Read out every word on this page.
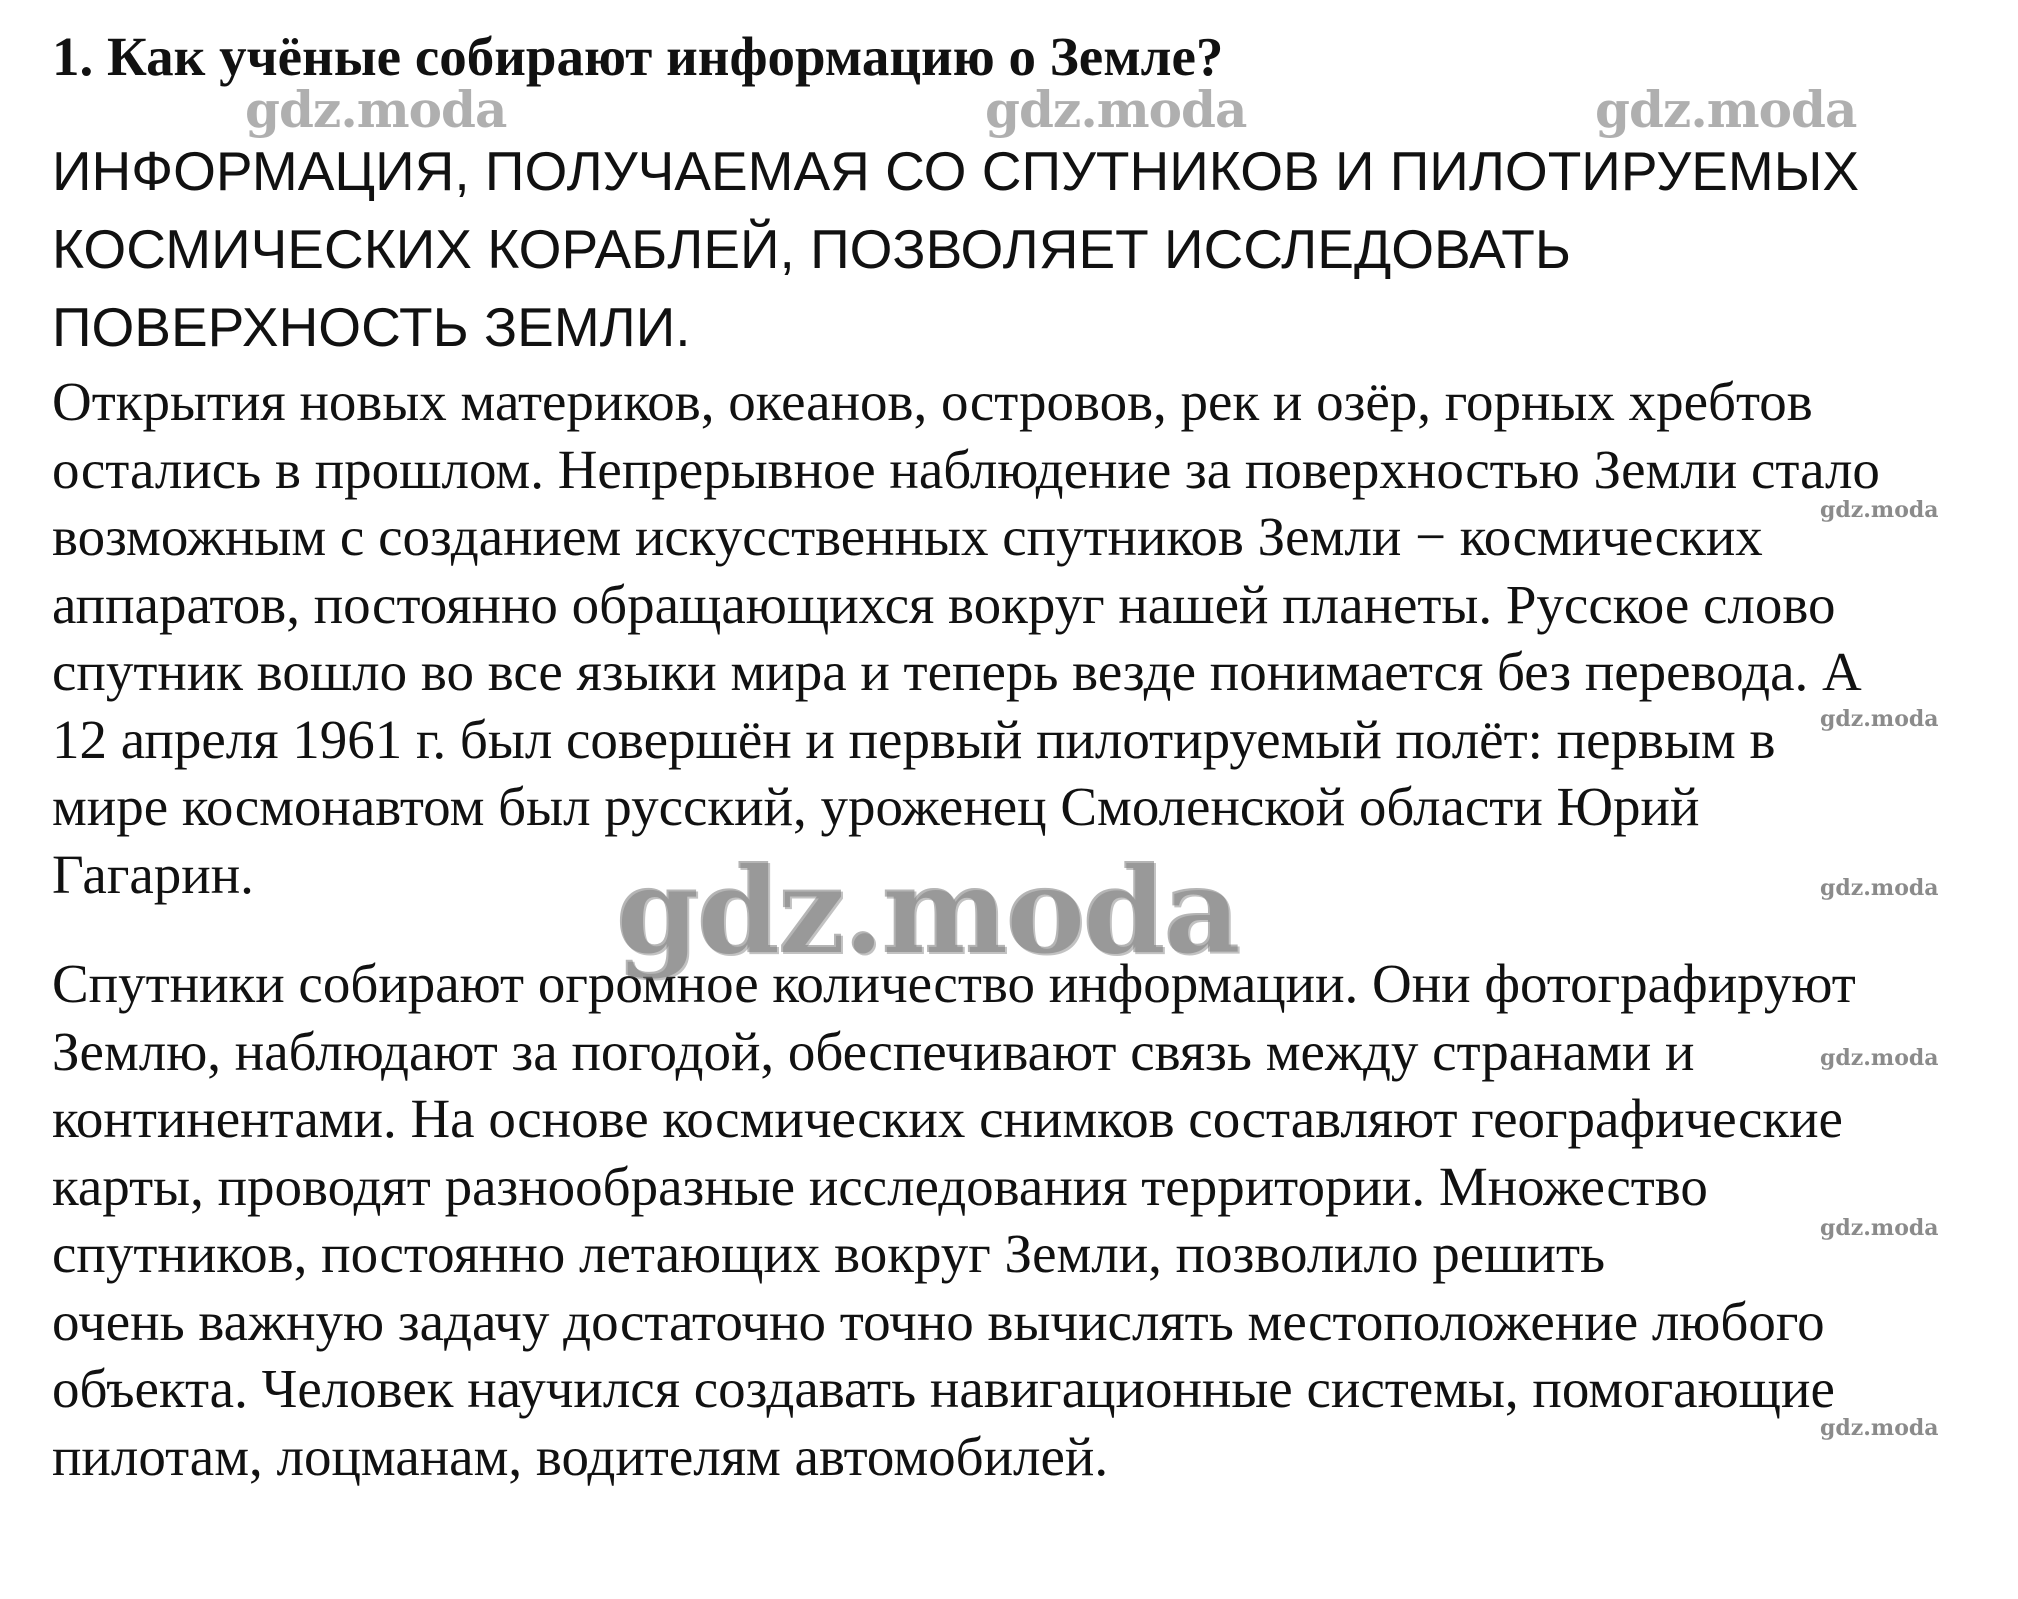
1. Как учёные собирают информацию о Земле?
gdz.moda	gdz.moda	gdz.moda
ИНФОРМАЦИЯ, ПОЛУЧАЕМАЯ СО СПУТНИКОВ И ПИЛОТИРУЕМЫХ
КОСМИЧЕСКИХ КОРАБЛЕЙ, ПОЗВОЛЯЕТ ИССЛЕДОВАТЬ
ПОВЕРХНОСТЬ ЗЕМЛИ.
Открытия новых материков, океанов, островов, рек и озёр, горных хребтов
остались в прошлом. Непрерывное наблюдение за поверхностью Земли стало
возможным с созданием искусственных спутников Земли − космических
аппаратов, постоянно обращающихся вокруг нашей планеты. Русское слово
спутник вошло во все языки мира и теперь везде понимается без перевода. А
12 апреля 1961 г. был совершён и первый пилотируемый полёт: первым в
мире космонавтом был русский, уроженец Смоленской области Юрий
Гагарин.
Спутники собирают огромное количество информации. Они фотографируют
Землю, наблюдают за погодой, обеспечивают связь между странами и
континентами. На основе космических снимков составляют географические
карты, проводят разнообразные исследования территории. Множество
спутников, постоянно летающих вокруг Земли, позволило решить
очень важную задачу достаточно точно вычислять местоположение любого
объекта. Человек научился создавать навигационные системы, помогающие
пилотам, лоцманам, водителям автомобилей.
gdz.moda
gdz.moda
gdz.moda
gdz.moda
gdz.moda
gdz.moda
gdz.moda
